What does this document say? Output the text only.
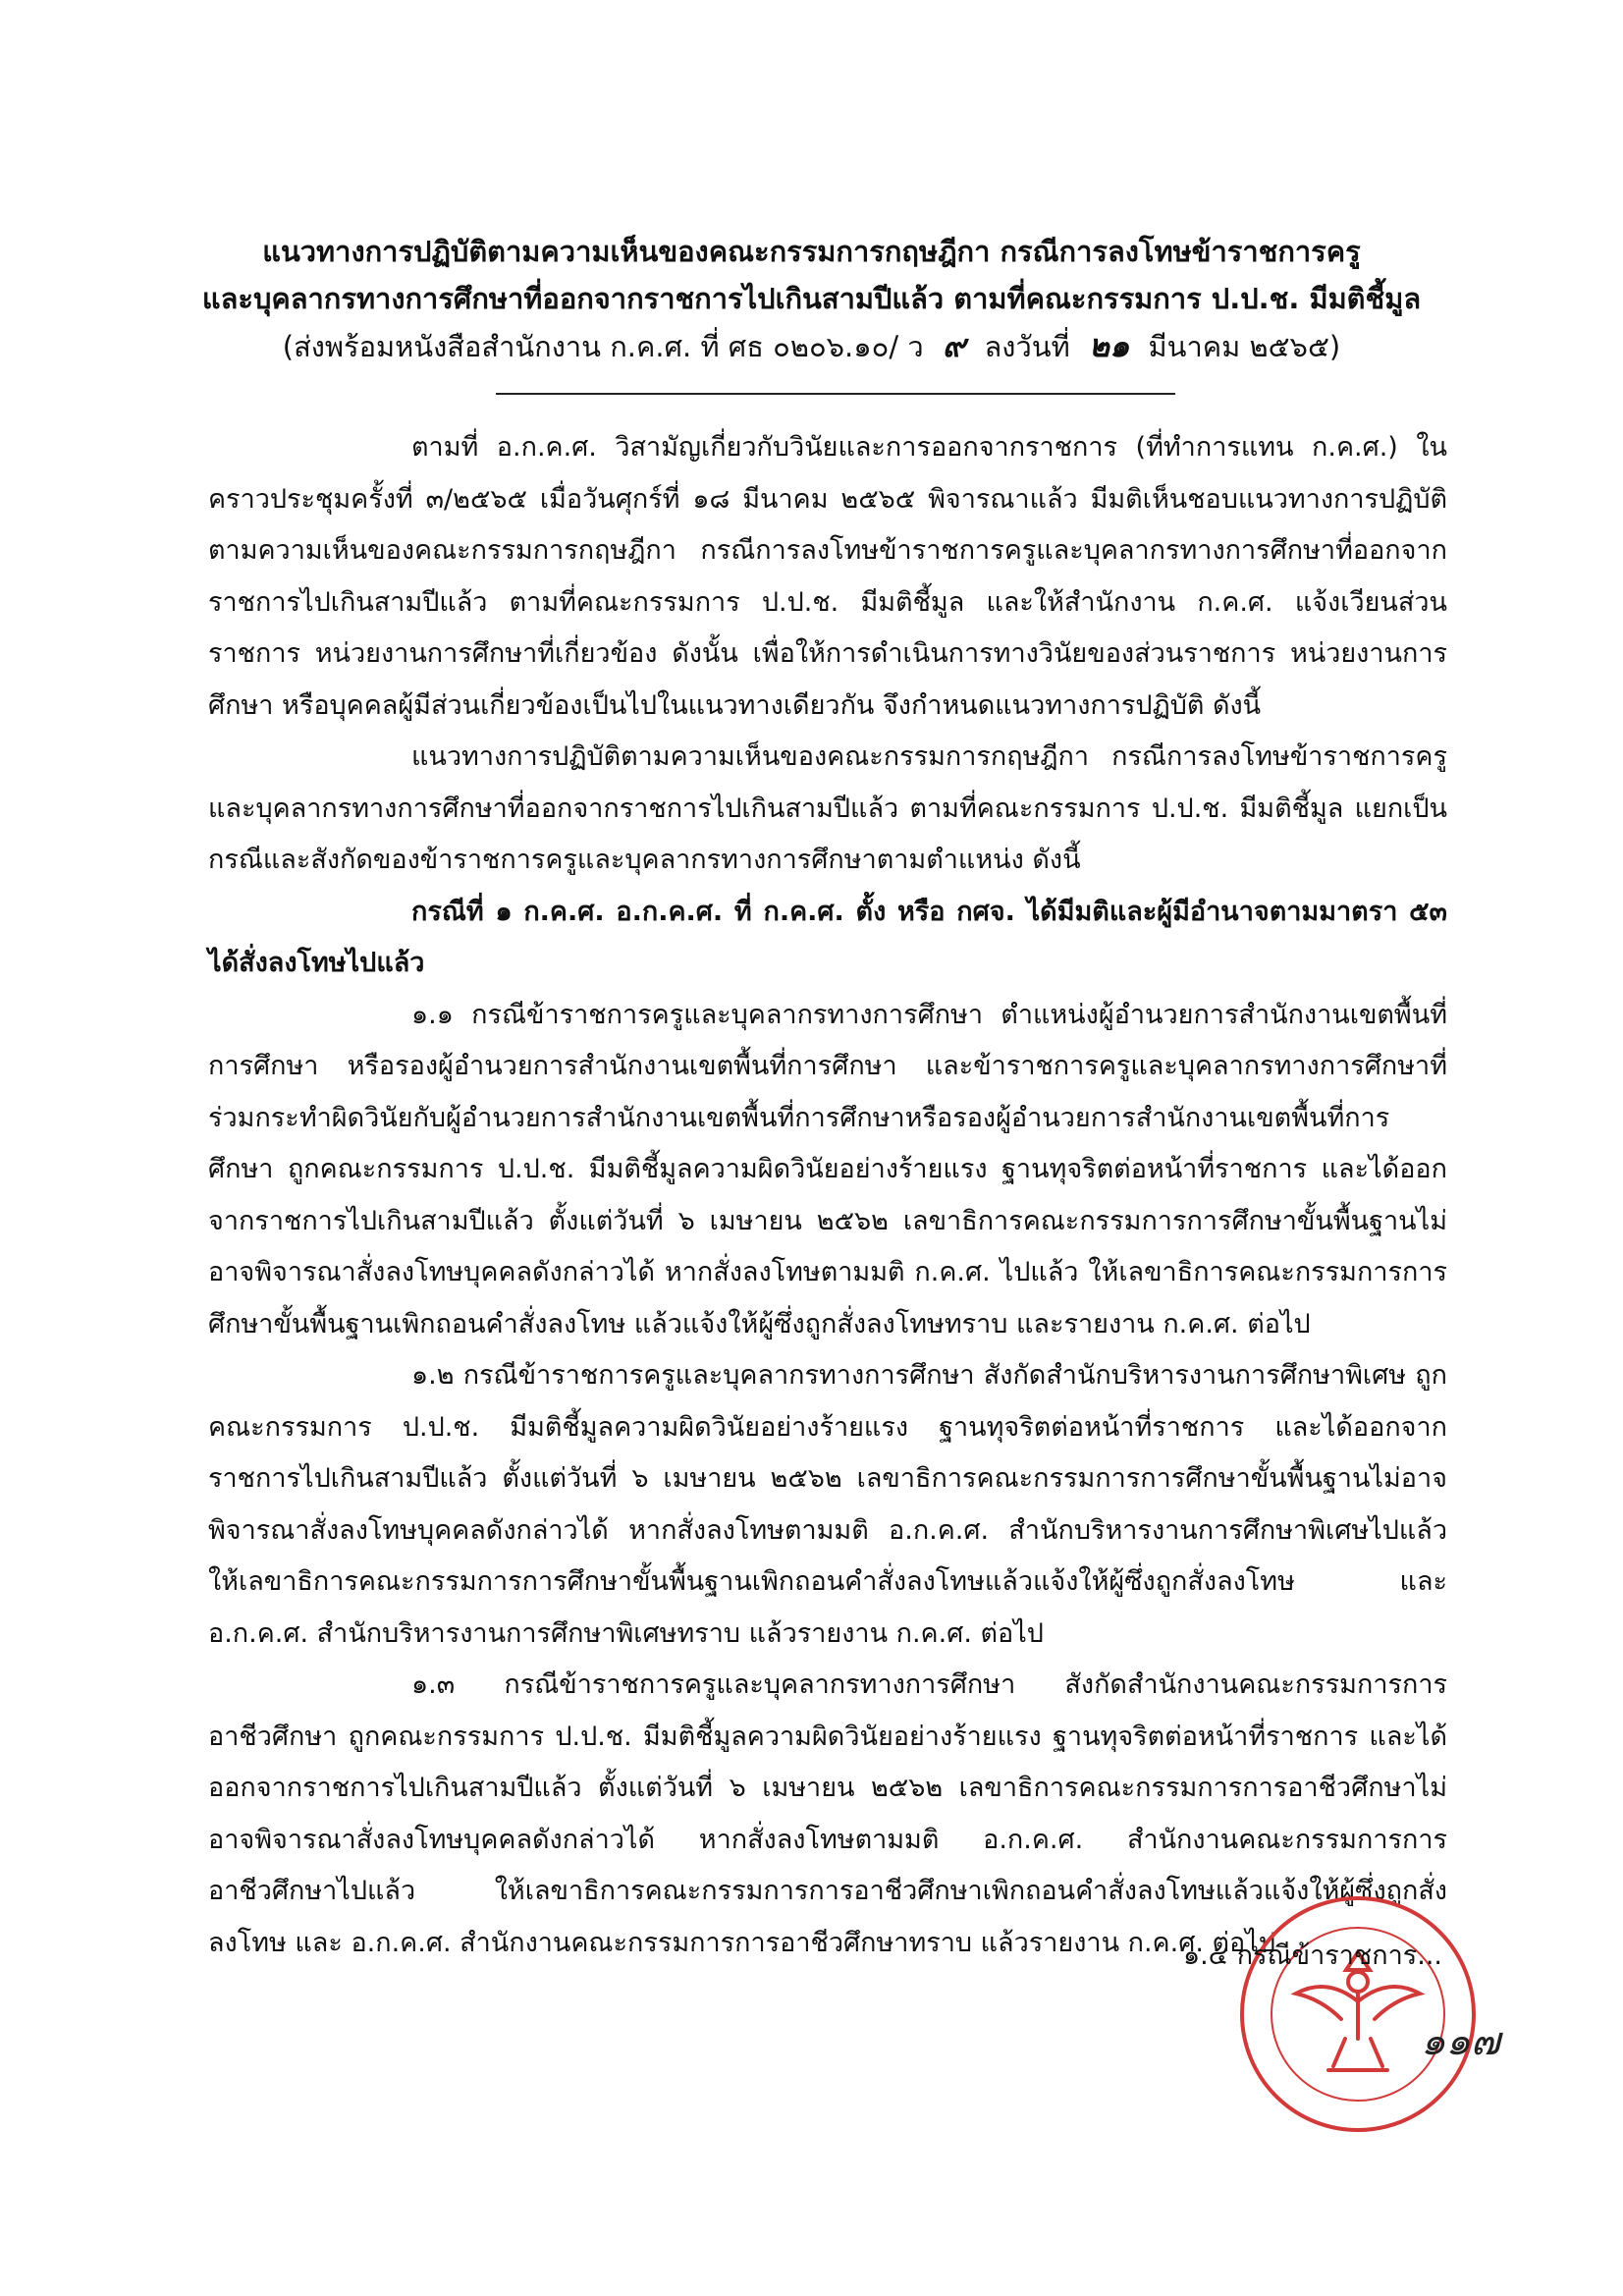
แนวทางการปฏิบัติตามความเห็นของคณะกรรมการกฤษฎีกา กรณีการลงโทษข้าราชการครู
และบุคลากรทางการศึกษาที่ออกจากราชการไปเกินสามปีแล้ว ตามที่คณะกรรมการ ป.ป.ช. มีมติชี้มูล
(ส่งพร้อมหนังสือสำนักงาน ก.ค.ศ. ที่ ศธ ๐๒๐๖.๑๐/ ว ๙ ลงวันที่ ๒๑ มีนาคม ๒๕๖๕)

ตามที่ อ.ก.ค.ศ. วิสามัญเกี่ยวกับวินัยและการออกจากราชการ (ที่ทำการแทน ก.ค.ศ.) ในคราวประชุมครั้งที่ ๓/๒๕๖๕ เมื่อวันศุกร์ที่ ๑๘ มีนาคม ๒๕๖๕ พิจารณาแล้ว มีมติเห็นชอบแนวทางการปฏิบัติตามความเห็นของคณะกรรมการกฤษฎีกา กรณีการลงโทษข้าราชการครูและบุคลากรทางการศึกษาที่ออกจากราชการไปเกินสามปีแล้ว ตามที่คณะกรรมการ ป.ป.ช. มีมติชี้มูล และให้สำนักงาน ก.ค.ศ. แจ้งเวียนส่วนราชการ หน่วยงานการศึกษาที่เกี่ยวข้อง ดังนั้น เพื่อให้การดำเนินการทางวินัยของส่วนราชการ หน่วยงานการศึกษา หรือบุคคลผู้มีส่วนเกี่ยวข้องเป็นไปในแนวทางเดียวกัน จึงกำหนดแนวทางการปฏิบัติ ดังนี้

แนวทางการปฏิบัติตามความเห็นของคณะกรรมการกฤษฎีกา กรณีการลงโทษข้าราชการครูและบุคลากรทางการศึกษาที่ออกจากราชการไปเกินสามปีแล้ว ตามที่คณะกรรมการ ป.ป.ช. มีมติชี้มูล แยกเป็นกรณีและสังกัดของข้าราชการครูและบุคลากรทางการศึกษาตามตำแหน่ง ดังนี้

กรณีที่ ๑ ก.ค.ศ. อ.ก.ค.ศ. ที่ ก.ค.ศ. ตั้ง หรือ กศจ. ได้มีมติและผู้มีอำนาจตามมาตรา ๕๓ ได้สั่งลงโทษไปแล้ว

๑.๑ กรณีข้าราชการครูและบุคลากรทางการศึกษา ตำแหน่งผู้อำนวยการสำนักงานเขตพื้นที่การศึกษา หรือรองผู้อำนวยการสำนักงานเขตพื้นที่การศึกษา และข้าราชการครูและบุคลากรทางการศึกษาที่ร่วมกระทำผิดวินัยกับผู้อำนวยการสำนักงานเขตพื้นที่การศึกษาหรือรองผู้อำนวยการสำนักงานเขตพื้นที่การศึกษา ถูกคณะกรรมการ ป.ป.ช. มีมติชี้มูลความผิดวินัยอย่างร้ายแรง ฐานทุจริตต่อหน้าที่ราชการ และได้ออกจากราชการไปเกินสามปีแล้ว ตั้งแต่วันที่ ๖ เมษายน ๒๕๖๒ เลขาธิการคณะกรรมการการศึกษาขั้นพื้นฐานไม่อาจพิจารณาสั่งลงโทษบุคคลดังกล่าวได้ หากสั่งลงโทษตามมติ ก.ค.ศ. ไปแล้ว ให้เลขาธิการคณะกรรมการการศึกษาขั้นพื้นฐานเพิกถอนคำสั่งลงโทษ แล้วแจ้งให้ผู้ซึ่งถูกสั่งลงโทษทราบ และรายงาน ก.ค.ศ. ต่อไป

๑.๒ กรณีข้าราชการครูและบุคลากรทางการศึกษา สังกัดสำนักบริหารงานการศึกษาพิเศษ ถูกคณะกรรมการ ป.ป.ช. มีมติชี้มูลความผิดวินัยอย่างร้ายแรง ฐานทุจริตต่อหน้าที่ราชการ และได้ออกจากราชการไปเกินสามปีแล้ว ตั้งแต่วันที่ ๖ เมษายน ๒๕๖๒ เลขาธิการคณะกรรมการการศึกษาขั้นพื้นฐานไม่อาจพิจารณาสั่งลงโทษบุคคลดังกล่าวได้ หากสั่งลงโทษตามมติ อ.ก.ค.ศ. สำนักบริหารงานการศึกษาพิเศษไปแล้ว ให้เลขาธิการคณะกรรมการการศึกษาขั้นพื้นฐานเพิกถอนคำสั่งลงโทษแล้วแจ้งให้ผู้ซึ่งถูกสั่งลงโทษ และ อ.ก.ค.ศ. สำนักบริหารงานการศึกษาพิเศษทราบ แล้วรายงาน ก.ค.ศ. ต่อไป

๑.๓ กรณีข้าราชการครูและบุคลากรทางการศึกษา สังกัดสำนักงานคณะกรรมการการอาชีวศึกษา ถูกคณะกรรมการ ป.ป.ช. มีมติชี้มูลความผิดวินัยอย่างร้ายแรง ฐานทุจริตต่อหน้าที่ราชการ และได้ออกจากราชการไปเกินสามปีแล้ว ตั้งแต่วันที่ ๖ เมษายน ๒๕๖๒ เลขาธิการคณะกรรมการการอาชีวศึกษาไม่อาจพิจารณาสั่งลงโทษบุคคลดังกล่าวได้ หากสั่งลงโทษตามมติ อ.ก.ค.ศ. สำนักงานคณะกรรมการการอาชีวศึกษาไปแล้ว ให้เลขาธิการคณะกรรมการการอาชีวศึกษาเพิกถอนคำสั่งลงโทษแล้วแจ้งให้ผู้ซึ่งถูกสั่งลงโทษ และ อ.ก.ค.ศ. สำนักงานคณะกรรมการการอาชีวศึกษาทราบ แล้วรายงาน ก.ค.ศ. ต่อไป

๑.๔ กรณีข้าราชการ...
๑๑๗
